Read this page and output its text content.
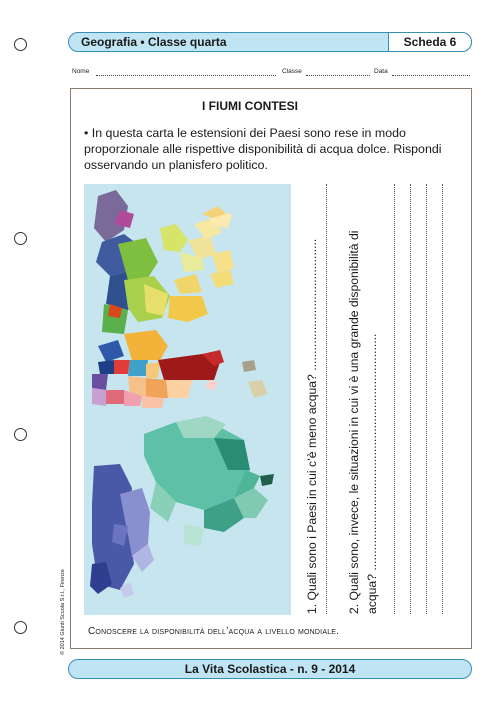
Geografia • Classe quarta	Scheda 6
Nome	Classe	Data
I FIUMI CONTESI
• In questa carta le estensioni dei Paesi sono rese in modo proporzionale alle rispettive disponibilità di acqua dolce. Rispondi osservando un planisfero politico.
1. Quali sono i Paesi in cui c’è meno acqua? ....................................... 2. Quali sono, invece, le situazioni in cui vi è una grande disponibilità di acqua? ......................................................................
© 2014 Giunti Scuola S.r.l., Firenze Conoscere la disponibilità dell’acqua a livello mondiale.
La Vita Scolastica - n. 9 - 2014
